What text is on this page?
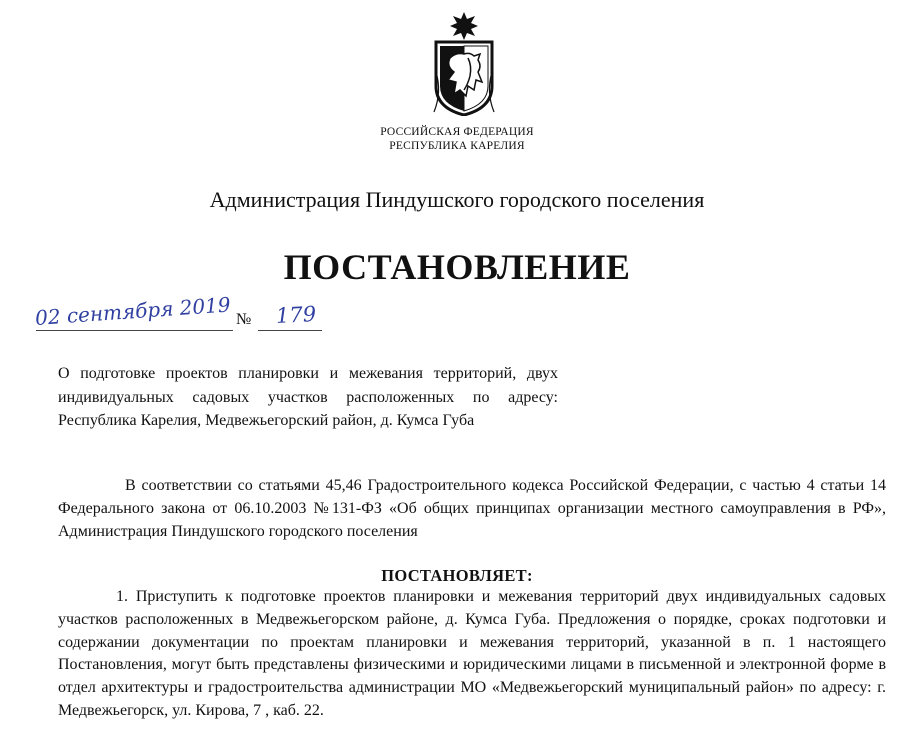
РОССИЙСКАЯ ФЕДЕРАЦИЯ
РЕСПУБЛИКА КАРЕЛИЯ
Администрация Пиндушского городского поселения
ПОСТАНОВЛЕНИЕ
02 сентября 2019 № 179
О подготовке проектов планировки и межевания территорий, двух индивидуальных садовых участков расположенных по адресу: Республика Карелия, Медвежьегорский район, д. Кумса Губа

В соответствии со статьями 45,46 Градостроительного кодекса Российской Федерации, с частью 4 статьи 14 Федерального закона от 06.10.2003 №131-ФЗ «Об общих принципах организации местного самоуправления в РФ», Администрация Пиндушского городского поселения

ПОСТАНОВЛЯЕТ:

1. Приступить к подготовке проектов планировки и межевания территорий двух индивидуальных садовых участков расположенных в Медвежьегорском районе, д. Кумса Губа. Предложения о порядке, сроках подготовки и содержании документации по проектам планировки и межевания территорий, указанной в п. 1 настоящего Постановления, могут быть представлены физическими и юридическими лицами в письменной и электронной форме в отдел архитектуры и градостроительства администрации МО «Медвежьегорский муниципальный район» по адресу: г. Медвежьегорск, ул. Кирова, 7 , каб. 22.
